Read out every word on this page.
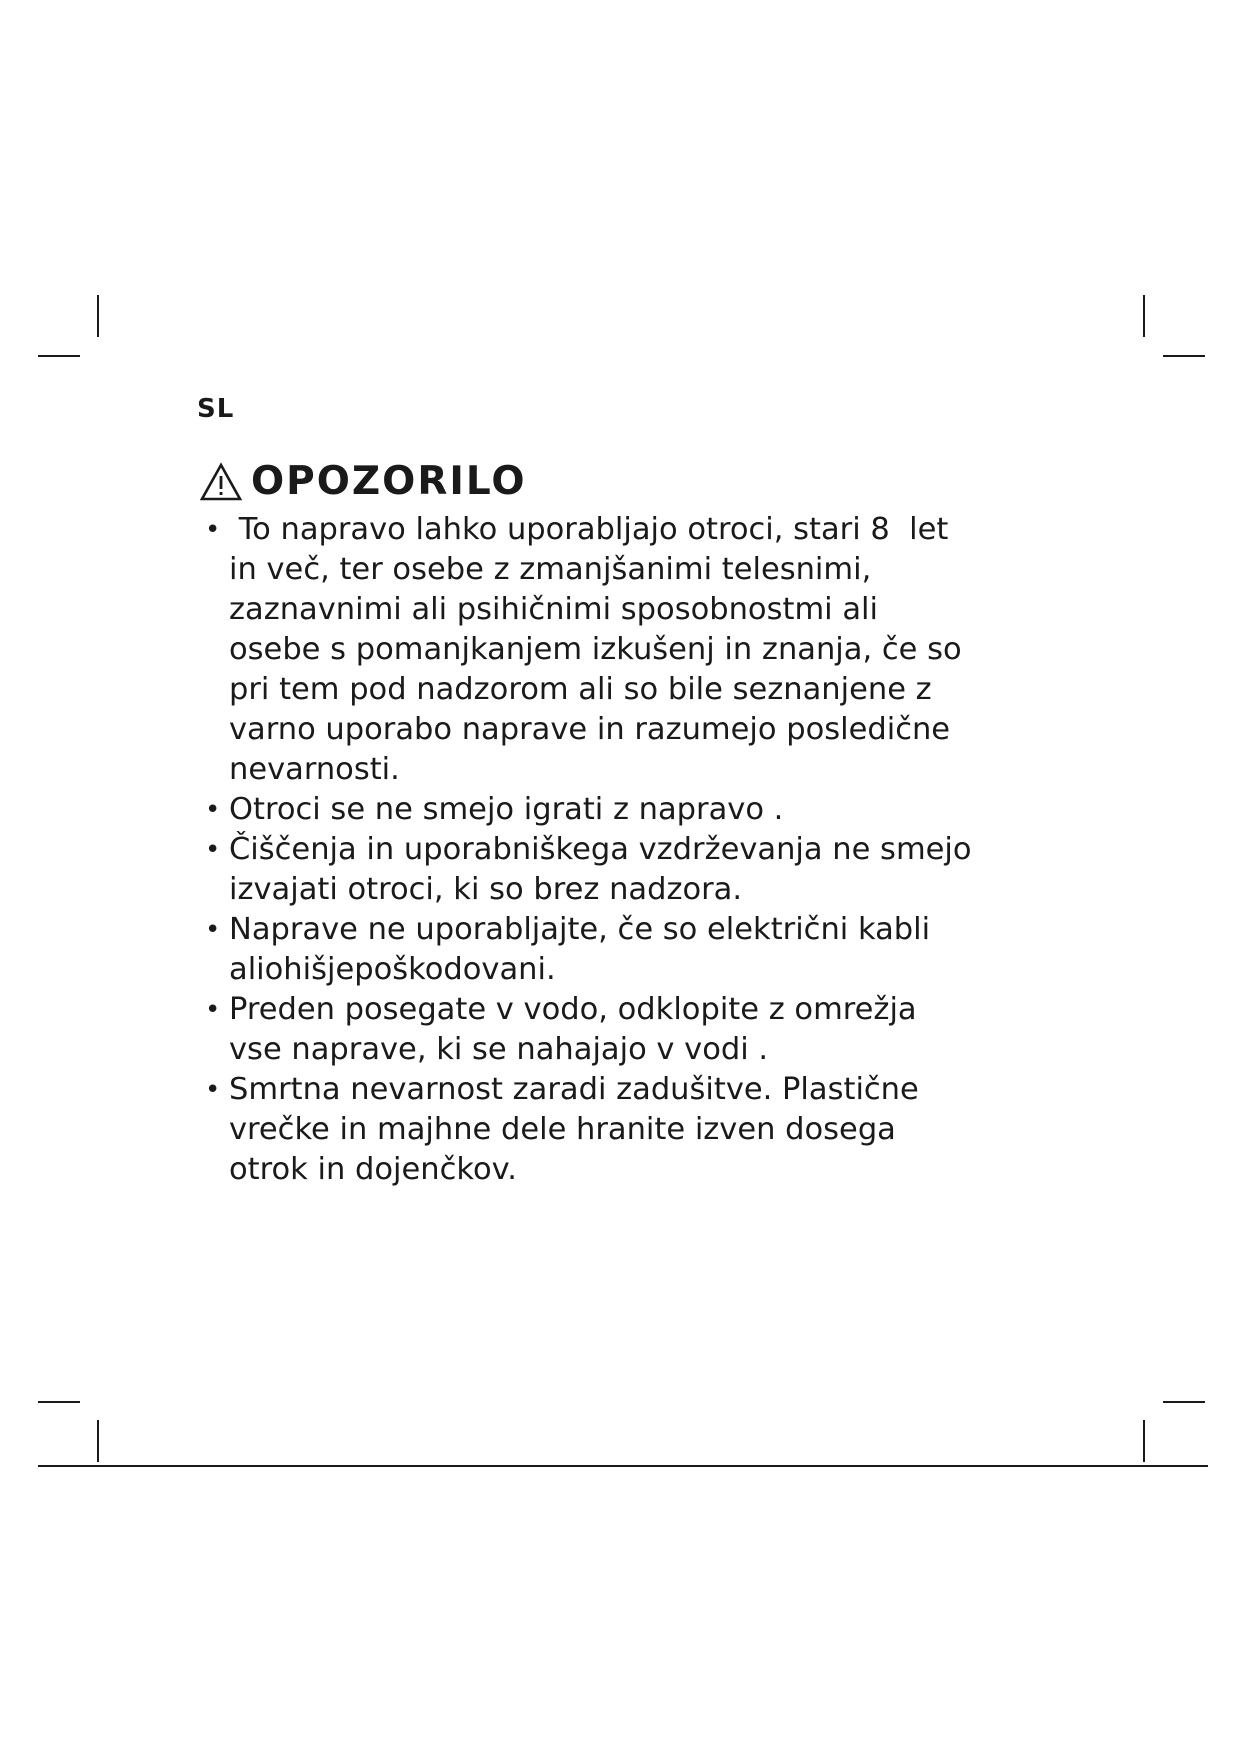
SL
OPOZORILO
• To napravo lahko uporabljajo otroci, stari 8  let
in več, ter osebe z zmanjšanimi telesnimi,
zaznavnimi ali psihičnimi sposobnostmi ali
osebe s pomanjkanjem izkušenj in znanja, če so
pri tem pod nadzorom ali so bile seznanjene z
varno uporabo naprave in razumejo posledične
nevarnosti.
• Otroci se ne smejo igrati z napravo .
• Čiščenja in uporabniškega vzdrževanja ne smejo
izvajati otroci, ki so brez nadzora.
• Naprave ne uporabljajte, če so električni kabli
aliohišjepoškodovani.
• Preden posegate v vodo, odklopite z omrežja
vse naprave, ki se nahajajo v vodi .
• Smrtna nevarnost zaradi zadušitve. Plastične
vrečke in majhne dele hranite izven dosega
otrok in dojenčkov.
